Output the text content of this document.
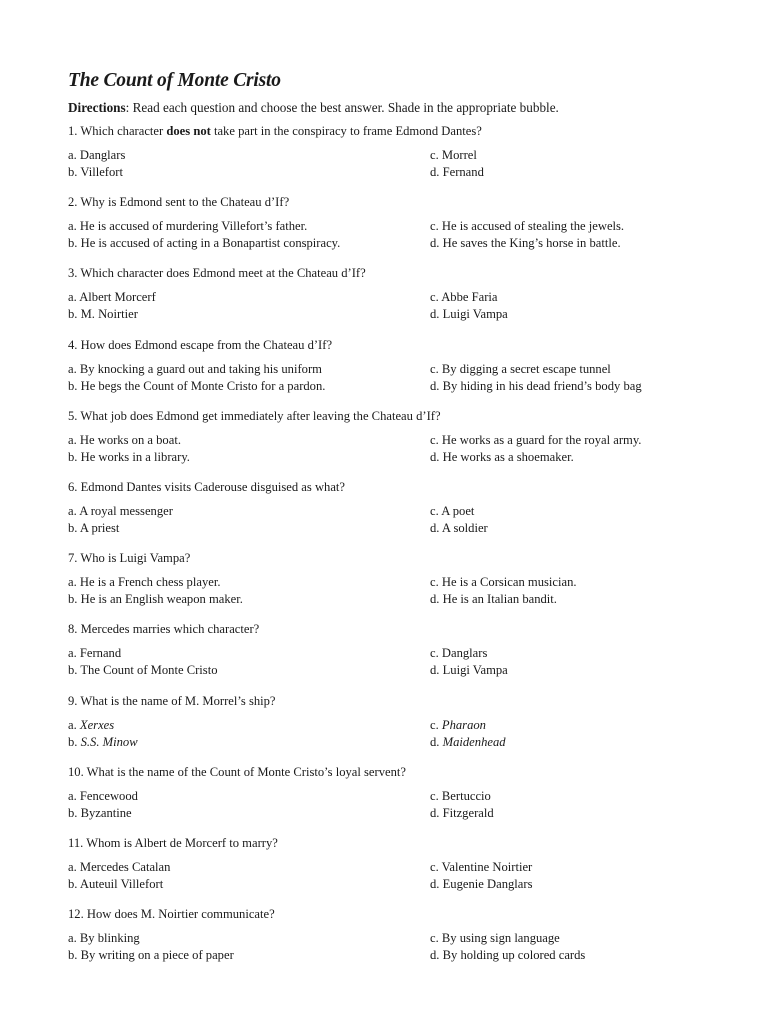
The Count of Monte Cristo

Directions: Read each question and choose the best answer. Shade in the appropriate bubble.

1. Which character does not take part in the conspiracy to frame Edmond Dantes?
a. Danglars
b. Villefort
c. Morrel
d. Fernand
2. Why is Edmond sent to the Chateau d’If?
a. He is accused of murdering Villefort’s father.
b. He is accused of acting in a Bonapartist conspiracy.
c. He is accused of stealing the jewels.
d. He saves the King’s horse in battle.
3. Which character does Edmond meet at the Chateau d’If?
a. Albert Morcerf
b. M. Noirtier
c. Abbe Faria
d. Luigi Vampa
4. How does Edmond escape from the Chateau d’If?
a. By knocking a guard out and taking his uniform
b. He begs the Count of Monte Cristo for a pardon.
c. By digging a secret escape tunnel
d. By hiding in his dead friend’s body bag
5. What job does Edmond get immediately after leaving the Chateau d’If?
a. He works on a boat.
b. He works in a library.
c. He works as a guard for the royal army.
d. He works as a shoemaker.
6. Edmond Dantes visits Caderouse disguised as what?
a. A royal messenger
b. A priest
c. A poet
d. A soldier
7. Who is Luigi Vampa?
a. He is a French chess player.
b. He is an English weapon maker.
c. He is a Corsican musician.
d. He is an Italian bandit.
8. Mercedes marries which character?
a. Fernand
b. The Count of Monte Cristo
c. Danglars
d. Luigi Vampa
9. What is the name of M. Morrel’s ship?
a. Xerxes
b. S.S. Minow
c. Pharaon
d. Maidenhead
10. What is the name of the Count of Monte Cristo’s loyal servent?
a. Fencewood
b. Byzantine
c. Bertuccio
d. Fitzgerald
11. Whom is Albert de Morcerf to marry?
a. Mercedes Catalan
b. Auteuil Villefort
c. Valentine Noirtier
d. Eugenie Danglars
12. How does M. Noirtier communicate?
a. By blinking
b. By writing on a piece of paper
c. By using sign language
d. By holding up colored cards
